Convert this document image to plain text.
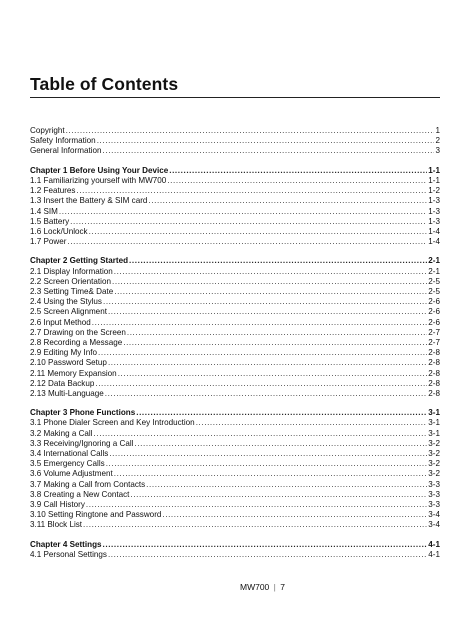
Table of Contents
Copyright .....	1
Safety Information .....	2
General Information .....	3
Chapter 1 Before Using Your Device .....	1-1
1.1 Familiarizing yourself with MW700 .....	1-1
1.2 Features .....	1-2
1.3 Insert the Battery & SIM card .....	1-3
1.4 SIM .....	1-3
1.5 Battery .....	1-3
1.6 Lock/Unlock .....	1-4
1.7 Power .....	1-4
Chapter 2 Getting Started .....	2-1
2.1 Display Information .....	2-1
2.2 Screen Orientation .....	2-5
2.3 Setting Time& Date .....	2-5
2.4 Using the Stylus .....	2-6
2.5 Screen Alignment .....	2-6
2.6 Input Method .....	2-6
2.7 Drawing on the Screen .....	2-7
2.8 Recording a Message .....	2-7
2.9 Editing My Info .....	2-8
2.10 Password Setup .....	2-8
2.11 Memory Expansion .....	2-8
2.12 Data Backup .....	2-8
2.13 Multi-Language .....	2-8
Chapter 3 Phone Functions .....	3-1
3.1 Phone Dialer Screen and Key Introduction .....	3-1
3.2 Making a Call .....	3-1
3.3 Receiving/Ignoring a Call .....	3-2
3.4 International Calls .....	3-2
3.5 Emergency Calls .....	3-2
3.6 Volume Adjustment .....	3-2
3.7 Making a Call from Contacts .....	3-3
3.8 Creating a New Contact .....	3-3
3.9 Call History .....	3-3
3.10 Setting Ringtone and Password .....	3-4
3.11 Block List .....	3-4
Chapter 4 Settings .....	4-1
4.1 Personal Settings .....	4-1
MW700 | 7
